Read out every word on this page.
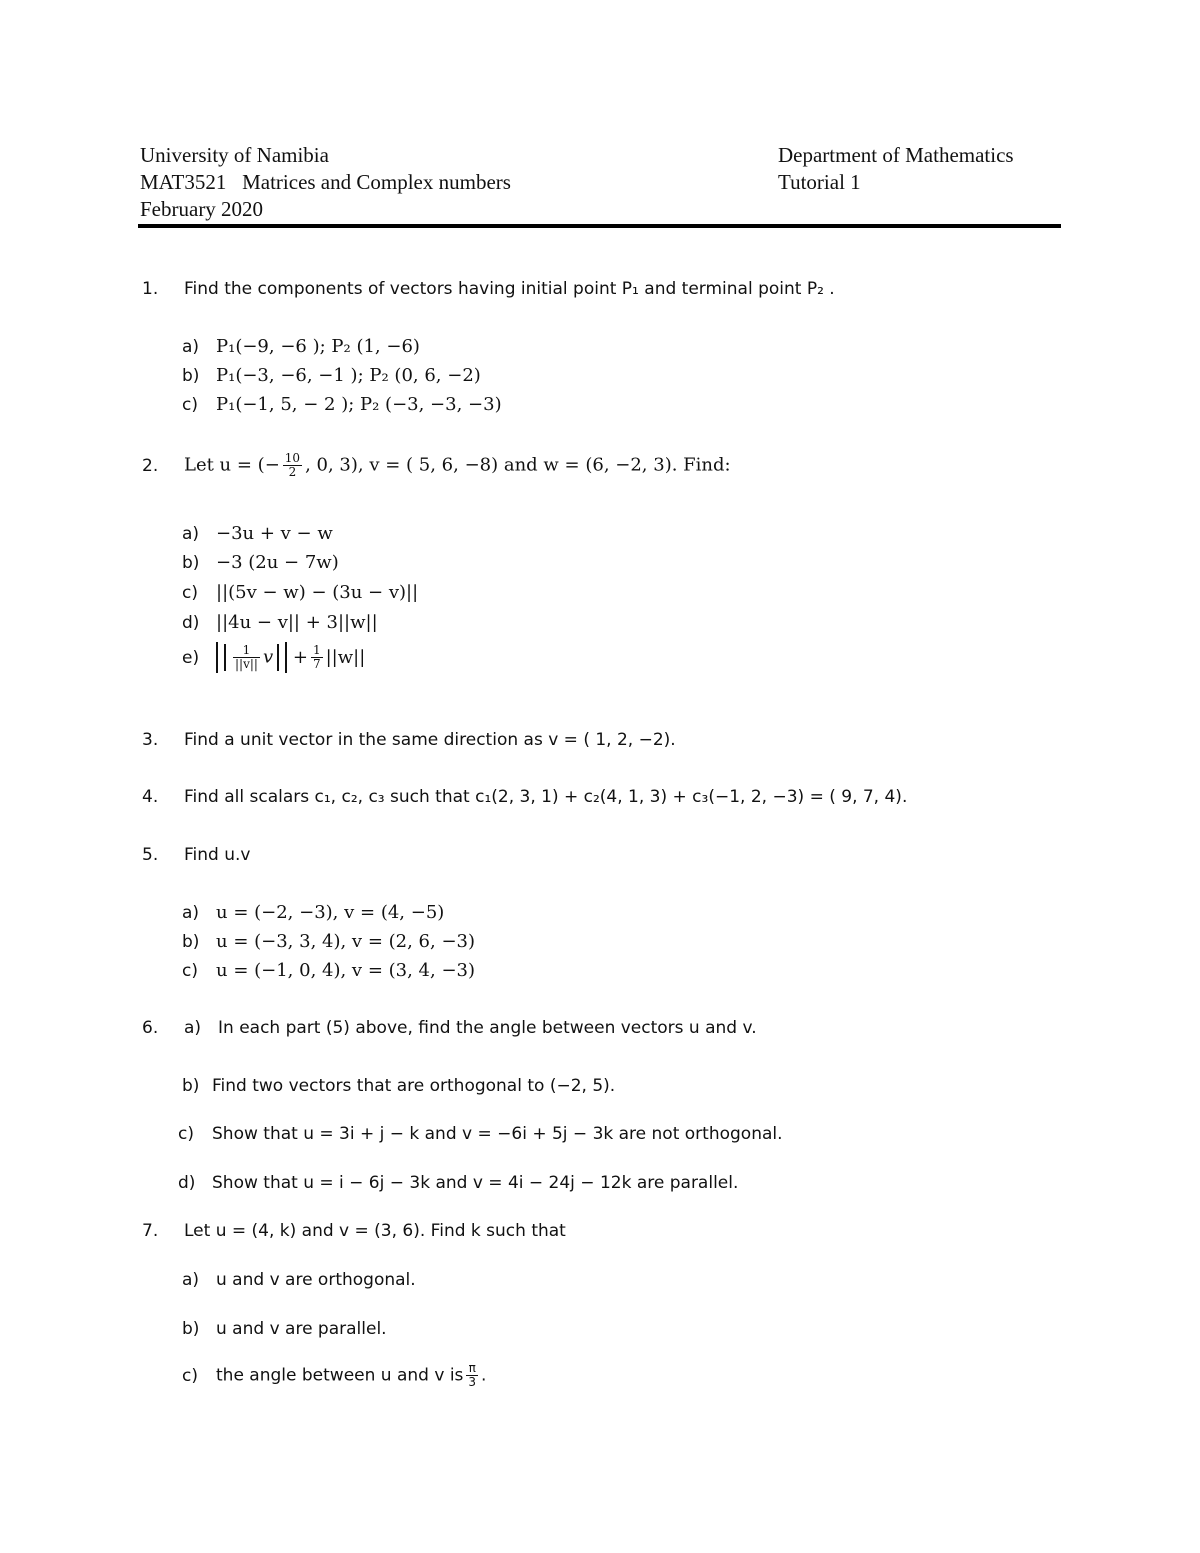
University of Namibia
MAT3521   Matrices and Complex numbers
February 2020
Department of Mathematics
Tutorial 1
1. Find the components of vectors having initial point P₁ and terminal point P₂ .
a) P₁(−9, −6 ); P₂ (1, −6)
b) P₁(−3, −6, −1 ); P₂ (0, 6, −2)
c) P₁(−1, 5, − 2 ); P₂ (−3, −3, −3)
2. Let u = (− $\frac{10}{2}$ , 0, 3), v = ( 5, 6, −8) and w = (6, −2, 3). Find:
a) −3u + v − w
b) −3 (2u − 7w)
c) ||(5v − w) − (3u − v)||
d) ||4u − v|| + 3||w||
e)	$\frac{1}{||v||}$ $v + \frac{1}{7} ||w||$
3. Find a unit vector in the same direction as v = ( 1, 2, −2).
4. Find all scalars c₁, c₂, c₃ such that c₁(2, 3, 1) + c₂(4, 1, 3) + c₃(−1, 2, −3) = ( 9, 7, 4).
5. Find u.v
a) u = (−2, −3), v = (4, −5)
b) u = (−3, 3, 4), v = (2, 6, −3)
c) u = (−1, 0, 4), v = (3, 4, −3)
6. a) In each part (5) above, find the angle between vectors u and v.
b) Find two vectors that are orthogonal to (−2, 5).
c) Show that u = 3i + j − k and v = −6i + 5j − 3k are not orthogonal.
d) Show that u = i − 6j − 3k and v = 4i − 24j − 12k are parallel.
7. Let u = (4, k) and v = (3, 6). Find k such that
a) u and v are orthogonal.
b) u and v are parallel.
c) the angle between u and v is $\frac{\pi}{3}$ .
